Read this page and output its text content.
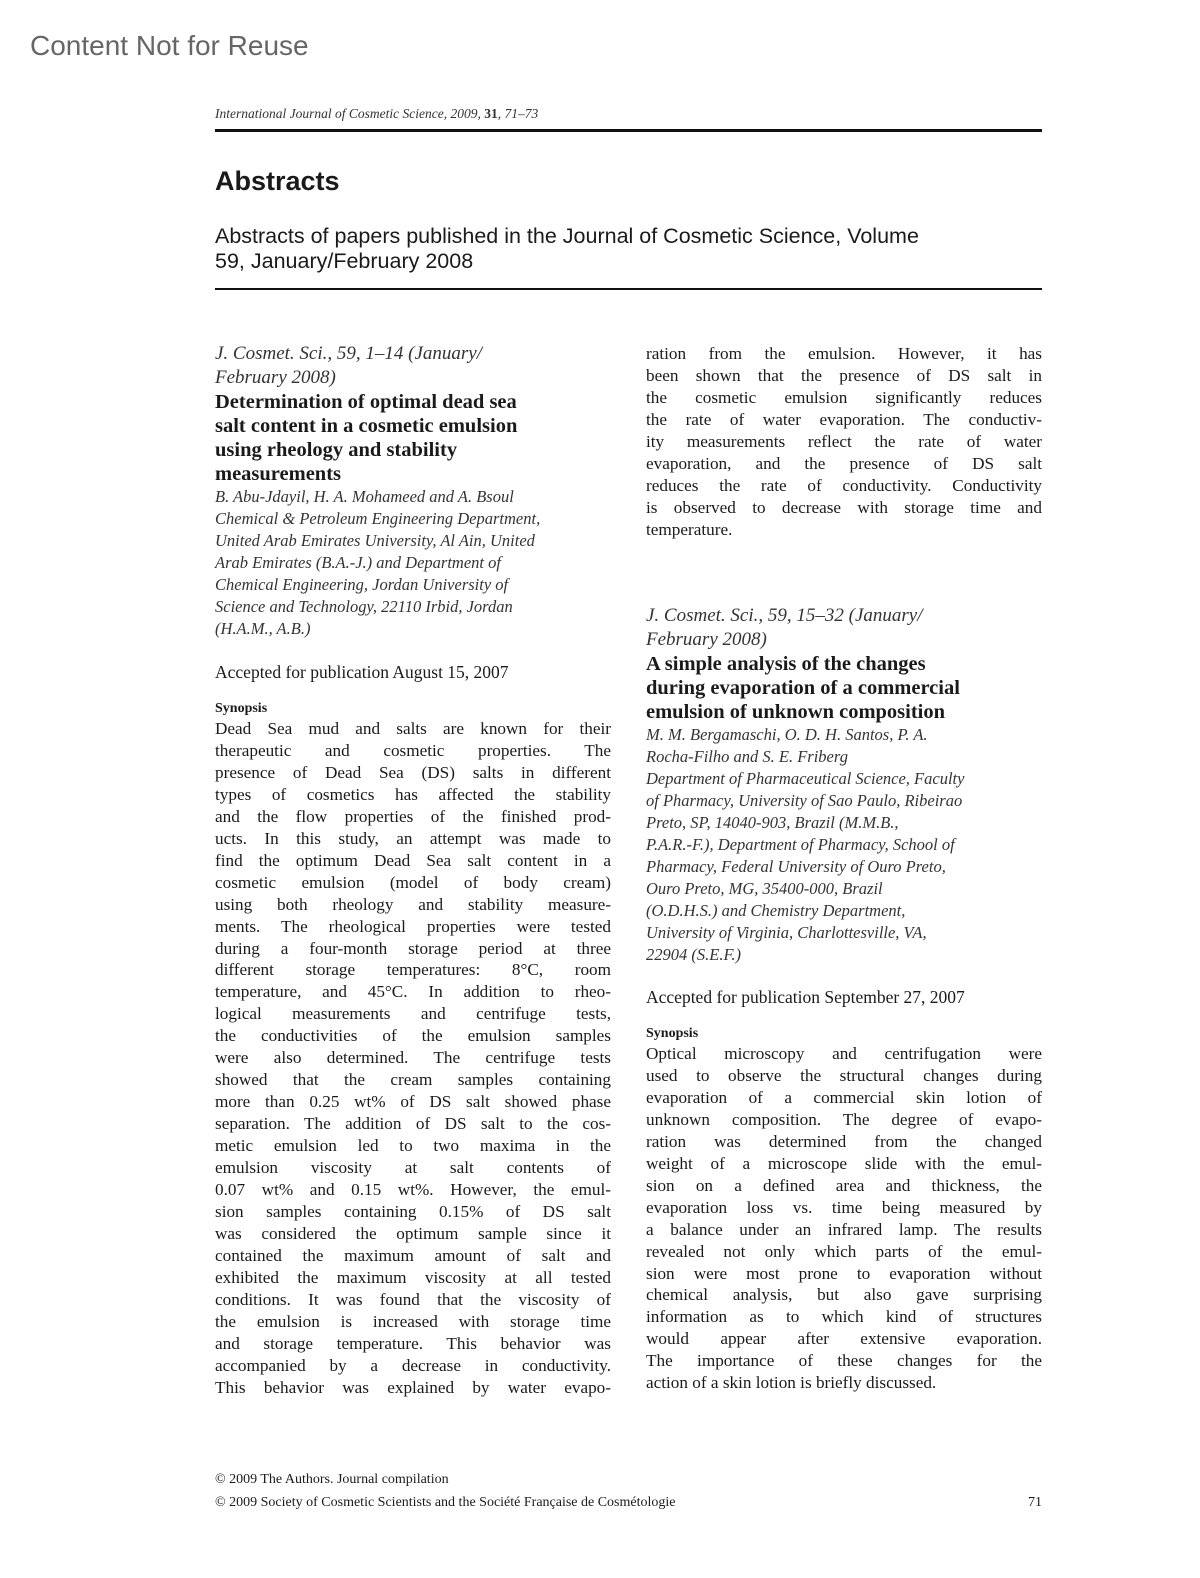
Content Not for Reuse
International Journal of Cosmetic Science, 2009, 31, 71–73
Abstracts
Abstracts of papers published in the Journal of Cosmetic Science, Volume
59, January/February 2008
J. Cosmet. Sci., 59, 1–14 (January/
February 2008)
Determination of optimal dead sea
salt content in a cosmetic emulsion
using rheology and stability
measurements
B. Abu-Jdayil, H. A. Mohameed and A. Bsoul
Chemical & Petroleum Engineering Department,
United Arab Emirates University, Al Ain, United
Arab Emirates (B.A.-J.) and Department of
Chemical Engineering, Jordan University of
Science and Technology, 22110 Irbid, Jordan
(H.A.M., A.B.)
Accepted for publication August 15, 2007
Synopsis
Dead Sea mud and salts are known for their
therapeutic and cosmetic properties. The
presence of Dead Sea (DS) salts in different
types of cosmetics has affected the stability
and the flow properties of the finished prod-
ucts. In this study, an attempt was made to
find the optimum Dead Sea salt content in a
cosmetic emulsion (model of body cream)
using both rheology and stability measure-
ments. The rheological properties were tested
during a four-month storage period at three
different storage temperatures: 8°C, room
temperature, and 45°C. In addition to rheo-
logical measurements and centrifuge tests,
the conductivities of the emulsion samples
were also determined. The centrifuge tests
showed that the cream samples containing
more than 0.25 wt% of DS salt showed phase
separation. The addition of DS salt to the cos-
metic emulsion led to two maxima in the
emulsion viscosity at salt contents of
0.07 wt% and 0.15 wt%. However, the emul-
sion samples containing 0.15% of DS salt
was considered the optimum sample since it
contained the maximum amount of salt and
exhibited the maximum viscosity at all tested
conditions. It was found that the viscosity of
the emulsion is increased with storage time
and storage temperature. This behavior was
accompanied by a decrease in conductivity.
This behavior was explained by water evapo-
ration from the emulsion. However, it has
been shown that the presence of DS salt in
the cosmetic emulsion significantly reduces
the rate of water evaporation. The conductiv-
ity measurements reflect the rate of water
evaporation, and the presence of DS salt
reduces the rate of conductivity. Conductivity
is observed to decrease with storage time and
temperature.
J. Cosmet. Sci., 59, 15–32 (January/
February 2008)
A simple analysis of the changes
during evaporation of a commercial
emulsion of unknown composition
M. M. Bergamaschi, O. D. H. Santos, P. A.
Rocha-Filho and S. E. Friberg
Department of Pharmaceutical Science, Faculty
of Pharmacy, University of Sao Paulo, Ribeirao
Preto, SP, 14040-903, Brazil (M.M.B.,
P.A.R.-F.), Department of Pharmacy, School of
Pharmacy, Federal University of Ouro Preto,
Ouro Preto, MG, 35400-000, Brazil
(O.D.H.S.) and Chemistry Department,
University of Virginia, Charlottesville, VA,
22904 (S.E.F.)
Accepted for publication September 27, 2007
Synopsis
Optical microscopy and centrifugation were
used to observe the structural changes during
evaporation of a commercial skin lotion of
unknown composition. The degree of evapo-
ration was determined from the changed
weight of a microscope slide with the emul-
sion on a defined area and thickness, the
evaporation loss vs. time being measured by
a balance under an infrared lamp. The results
revealed not only which parts of the emul-
sion were most prone to evaporation without
chemical analysis, but also gave surprising
information as to which kind of structures
would appear after extensive evaporation.
The importance of these changes for the
action of a skin lotion is briefly discussed.
© 2009 The Authors. Journal compilation
© 2009 Society of Cosmetic Scientists and the Société Française de Cosmétologie	71
